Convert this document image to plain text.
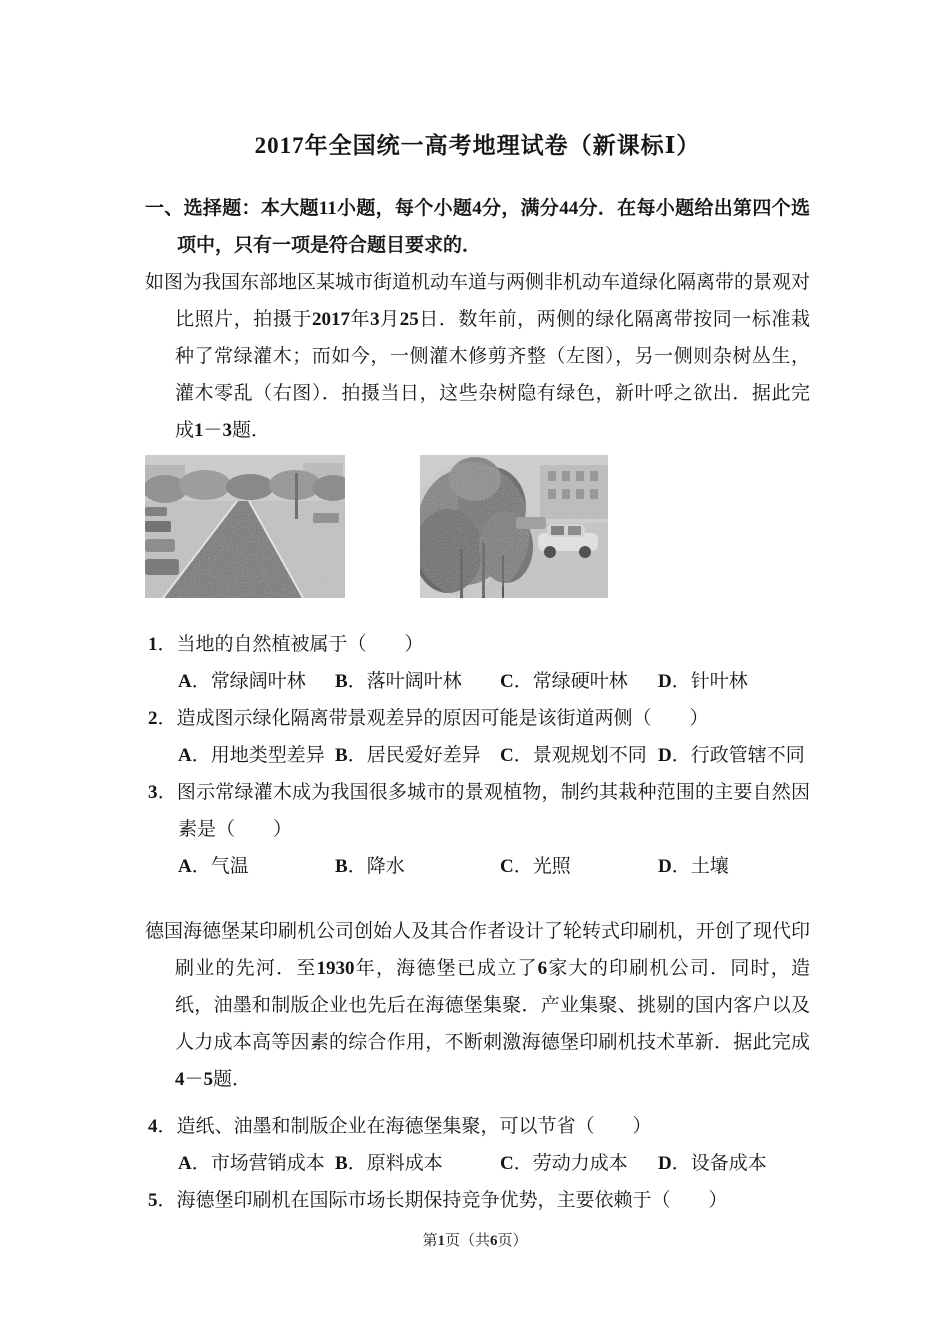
2017年全国统一高考地理试卷（新课标Ⅰ）
一、选择题：本大题11小题，每个小题4分，满分44分．在每小题给出第四个选项中，只有一项是符合题目要求的．
如图为我国东部地区某城市街道机动车道与两侧非机动车道绿化隔离带的景观对比照片，拍摄于2017年3月25日．数年前，两侧的绿化隔离带按同一标准栽种了常绿灌木；而如今，一侧灌木修剪齐整（左图），另一侧则杂树丛生，灌木零乱（右图）．拍摄当日，这些杂树隐有绿色，新叶呼之欲出．据此完成1－3题．
1．当地的自然植被属于（　　）
A．常绿阔叶林	B．落叶阔叶林	C．常绿硬叶林	D．针叶林
2．造成图示绿化隔离带景观差异的原因可能是该街道两侧（　　）
A．用地类型差异 B．居民爱好差异	C．景观规划不同 D．行政管辖不同
3．图示常绿灌木成为我国很多城市的景观植物，制约其栽种范围的主要自然因素是（　　）
A．气温	B．降水	C．光照	D．土壤
德国海德堡某印刷机公司创始人及其合作者设计了轮转式印刷机，开创了现代印刷业的先河．至1930年，海德堡已成立了6家大的印刷机公司．同时，造纸，油墨和制版企业也先后在海德堡集聚．产业集聚、挑剔的国内客户以及人力成本高等因素的综合作用，不断刺激海德堡印刷机技术革新．据此完成4－5题．
4．造纸、油墨和制版企业在海德堡集聚，可以节省（　　）
A．市场营销成本 B．原料成本	C．劳动力成本	D．设备成本
5．海德堡印刷机在国际市场长期保持竞争优势，主要依赖于（　　）
第1页（共6页）
